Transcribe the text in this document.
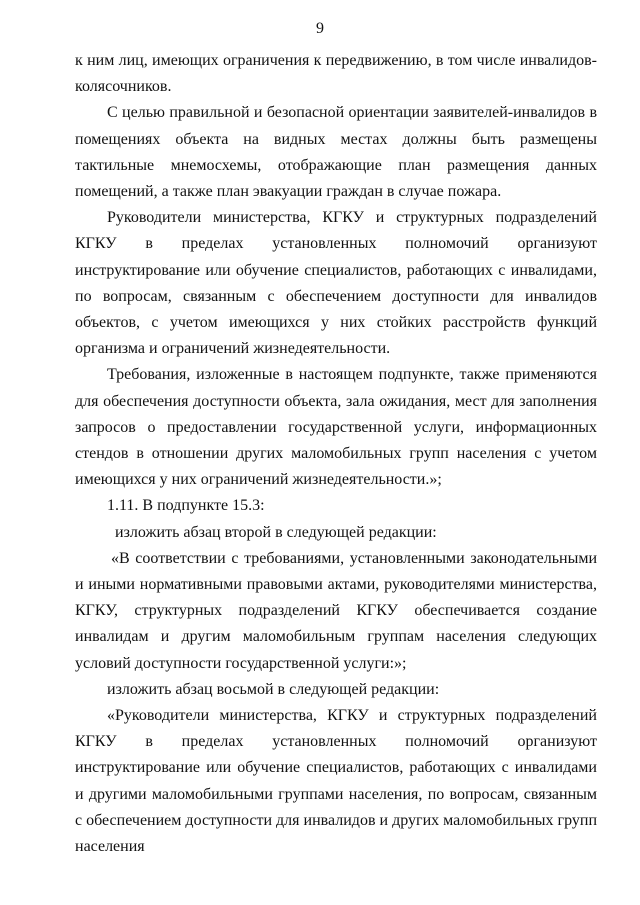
9

к ним лиц, имеющих ограничения к передвижению, в том числе инвалидов-колясочников.

С целью правильной и безопасной ориентации заявителей-инвалидов в помещениях объекта на видных местах должны быть размещены тактильные мнемосхемы, отображающие план размещения данных помещений, а также план эвакуации граждан в случае пожара.

Руководители министерства, КГКУ и структурных подразделений КГКУ в пределах установленных полномочий организуют инструктирование или обучение специалистов, работающих с инвалидами, по вопросам, связанным с обеспечением доступности для инвалидов объектов, с учетом имеющихся у них стойких расстройств функций организма и ограничений жизнедеятельности.

Требования, изложенные в настоящем подпункте, также применяются для обеспечения доступности объекта, зала ожидания, мест для заполнения запросов о предоставлении государственной услуги, информационных стендов в отношении других маломобильных групп населения с учетом имеющихся у них ограничений жизнедеятельности.»;

1.11. В подпункте 15.3:

изложить абзац второй в следующей редакции:

«В соответствии с требованиями, установленными законодательными и иными нормативными правовыми актами, руководителями министерства, КГКУ, структурных подразделений КГКУ обеспечивается создание инвалидам и другим маломобильным группам населения следующих условий доступности государственной услуги:»;

изложить абзац восьмой в следующей редакции:

«Руководители министерства, КГКУ и структурных подразделений КГКУ в пределах установленных полномочий организуют инструктирование или обучение специалистов, работающих с инвалидами и другими маломобильными группами населения, по вопросам, связанным с обеспечением доступности для инвалидов и других маломобильных групп населения
